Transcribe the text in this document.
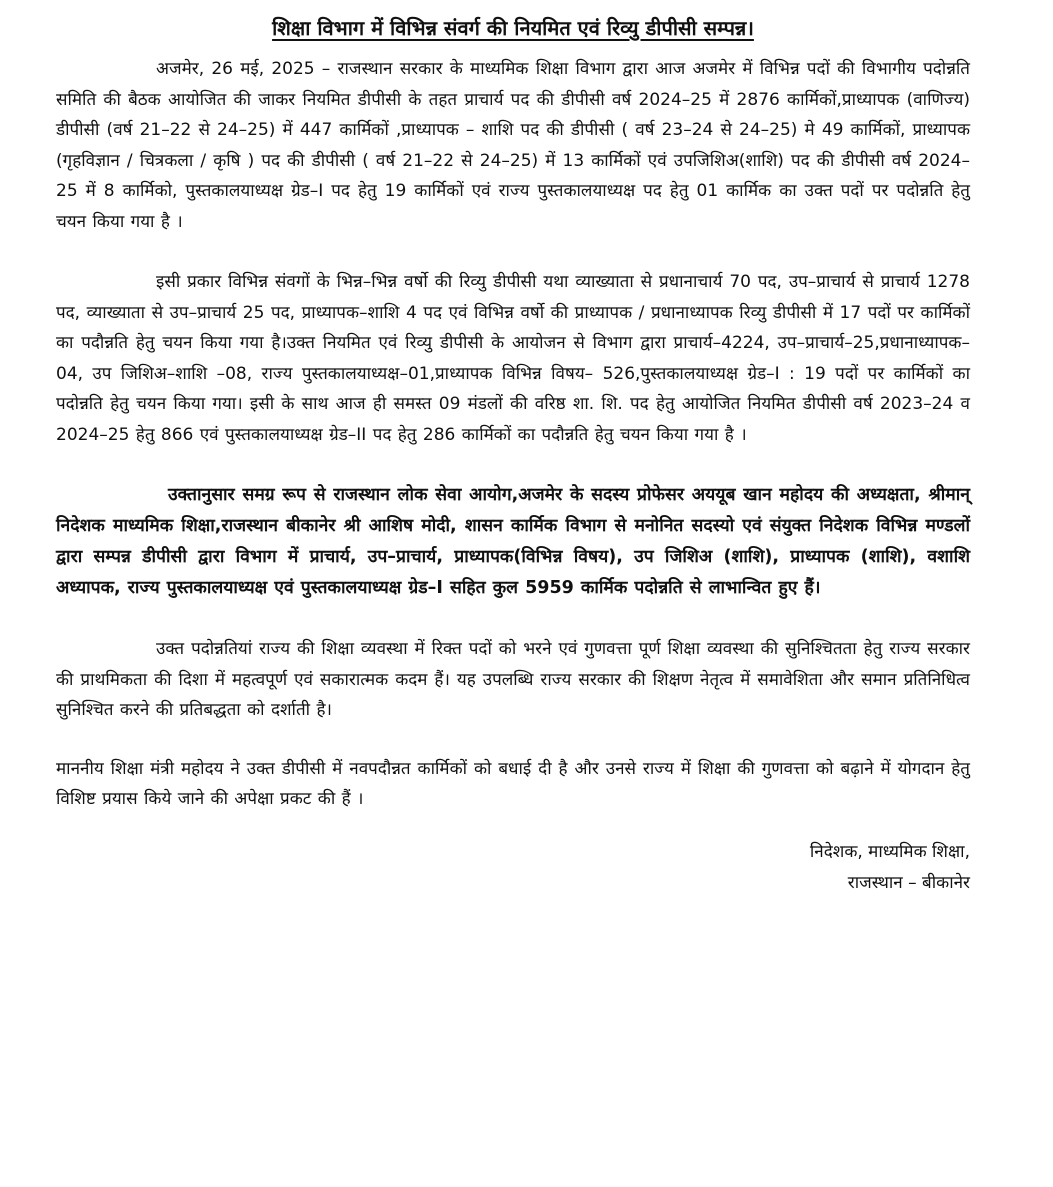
शिक्षा विभाग में विभिन्न संवर्ग की नियमित एवं रिव्यु डीपीसी सम्पन्न।

अजमेर, 26 मई, 2025 – राजस्थान सरकार के माध्यमिक शिक्षा विभाग द्वारा आज अजमेर में विभिन्न पदों की विभागीय पदोन्नति समिति की बैठक आयोजित की जाकर नियमित डीपीसी के तहत प्राचार्य पद की डीपीसी वर्ष 2024–25 में 2876 कार्मिकों,प्राध्यापक (वाणिज्य) डीपीसी (वर्ष 21–22 से 24–25) में 447 कार्मिकों ,प्राध्यापक – शाशि पद की डीपीसी ( वर्ष 23–24 से 24–25) मे 49 कार्मिकों, प्राध्यापक (गृहविज्ञान / चित्रकला / कृषि ) पद की डीपीसी ( वर्ष 21–22 से 24–25) में 13 कार्मिकों एवं उपजिशिअ(शाशि) पद की डीपीसी वर्ष 2024–25 में 8 कार्मिको, पुस्तकालयाध्यक्ष ग्रेड–I पद हेतु 19 कार्मिकों एवं राज्य पुस्तकालयाध्यक्ष पद हेतु 01 कार्मिक का उक्त पदों पर पदोन्नति हेतु चयन किया गया है ।

इसी प्रकार विभिन्न संवगों के भिन्न–भिन्न वर्षो की रिव्यु डीपीसी यथा व्याख्याता से प्रधानाचार्य 70 पद, उप–प्राचार्य से प्राचार्य 1278 पद, व्याख्याता से उप–प्राचार्य 25 पद, प्राध्यापक–शाशि 4 पद एवं विभिन्न वर्षो की प्राध्यापक / प्रधानाध्यापक रिव्यु डीपीसी में 17 पदों पर कार्मिकों का पदौन्नति हेतु चयन किया गया है।उक्त नियमित एवं रिव्यु डीपीसी के आयोजन से विभाग द्वारा प्राचार्य–4224, उप–प्राचार्य–25,प्रधानाध्यापक–04, उप जिशिअ–शाशि –08, राज्य पुस्तकालयाध्यक्ष–01,प्राध्यापक विभिन्न विषय– 526,पुस्तकालयाध्यक्ष ग्रेड–I : 19 पदों पर कार्मिकों का पदोन्नति हेतु चयन किया गया। इसी के साथ आज ही समस्त 09 मंडलों की वरिष्ठ शा. शि. पद हेतु आयोजित नियमित डीपीसी वर्ष 2023–24 व 2024–25 हेतु 866 एवं पुस्तकालयाध्यक्ष ग्रेड–II पद हेतु 286 कार्मिकों का पदौन्नति हेतु चयन किया गया है ।

उक्तानुसार समग्र रूप से राजस्थान लोक सेवा आयोग,अजमेर के सदस्य प्रोफेसर अययूब खान महोदय की अध्यक्षता, श्रीमान् निदेशक माध्यमिक शिक्षा,राजस्थान बीकानेर श्री आशिष मोदी, शासन कार्मिक विभाग से मनोनित सदस्यो एवं संयुक्त निदेशक विभिन्न मण्डलों द्वारा सम्पन्न डीपीसी द्वारा विभाग में प्राचार्य, उप–प्राचार्य, प्राध्यापक(विभिन्न विषय), उप जिशिअ (शाशि), प्राध्यापक (शाशि), वशाशि अध्यापक, राज्य पुस्तकालयाध्यक्ष एवं पुस्तकालयाध्यक्ष ग्रेड–I सहित कुल 5959 कार्मिक पदोन्नति से लाभान्वित हुए हैं।

उक्त पदोन्नतियां राज्य की शिक्षा व्यवस्था में रिक्त पदों को भरने एवं गुणवत्ता पूर्ण शिक्षा व्यवस्था की सुनिश्चितता हेतु राज्य सरकार की प्राथमिकता की दिशा में महत्वपूर्ण एवं सकारात्मक कदम हैं। यह उपलब्धि राज्य सरकार की शिक्षण नेतृत्व में समावेशिता और समान प्रतिनिधित्व सुनिश्चित करने की प्रतिबद्धता को दर्शाती है।

माननीय शिक्षा मंत्री महोदय ने उक्त डीपीसी में नवपदौन्नत कार्मिकों को बधाई दी है और उनसे राज्य में शिक्षा की गुणवत्ता को बढ़ाने में योगदान हेतु विशिष्ट प्रयास किये जाने की अपेक्षा प्रकट की हैं ।

निदेशक, माध्यमिक शिक्षा,
राजस्थान – बीकानेर
